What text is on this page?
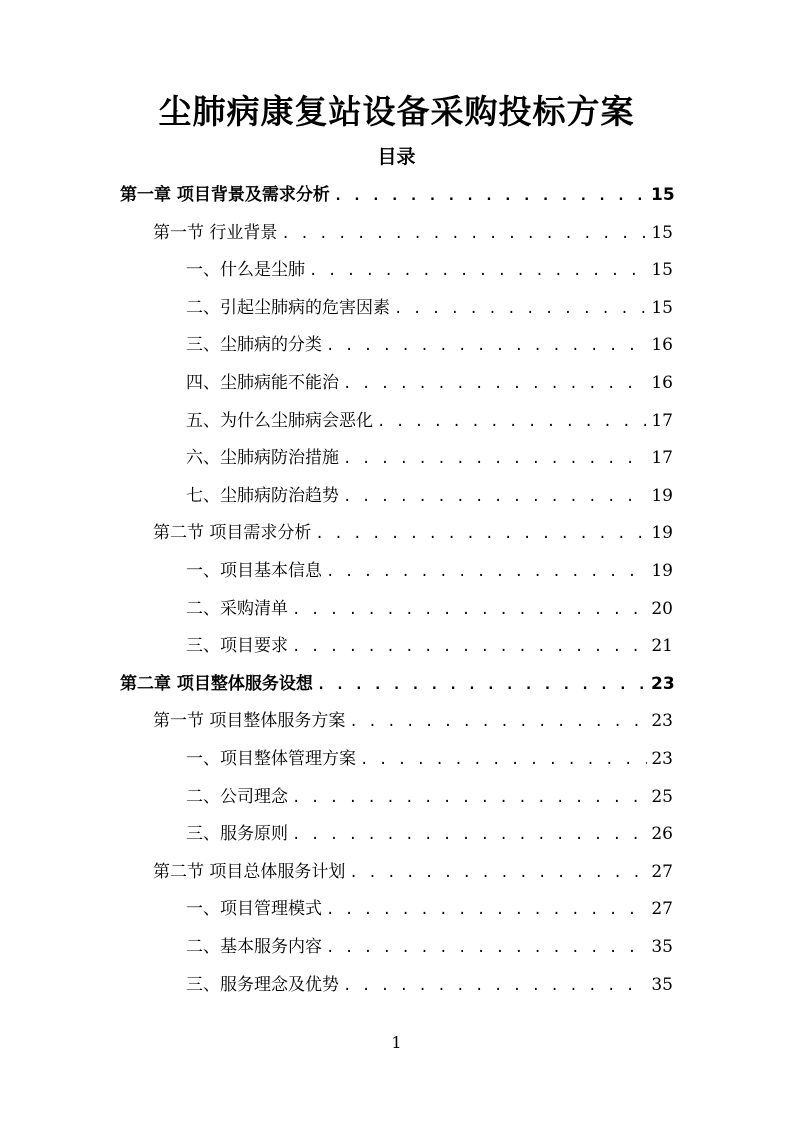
尘肺病康复站设备采购投标方案
目录
第一章 项目背景及需求分析 . . .	15
第一节 行业背景 . . .	15
一、什么是尘肺 . . .	15
二、引起尘肺病的危害因素 . . .	15
三、尘肺病的分类 . . .	16
四、尘肺病能不能治 . . .	16
五、为什么尘肺病会恶化 . . .	17
六、尘肺病防治措施 . . .	17
七、尘肺病防治趋势 . . .	19
第二节 项目需求分析 . . .	19
一、项目基本信息 . . .	19
二、采购清单 . . .	20
三、项目要求 . . .	21
第二章 项目整体服务设想 . . .	23
第一节 项目整体服务方案 . . .	23
一、项目整体管理方案 . . .	23
二、公司理念 . . .	25
三、服务原则 . . .	26
第二节 项目总体服务计划 . . .	27
一、项目管理模式 . . .	27
二、基本服务内容 . . .	35
三、服务理念及优势 . . .	35
1
